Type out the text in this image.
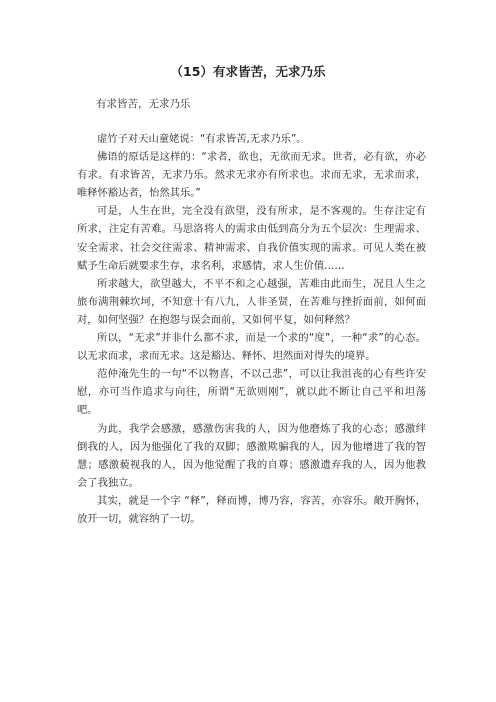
（15）有求皆苦，无求乃乐
有求皆苦，无求乃乐

虚竹子对天山童姥说：“有求皆苦,无求乃乐”。

佛语的原话是这样的：“求者，欲也，无欲而无求。世者，必有欲，亦必有求。有求皆苦，无求乃乐。然求无求亦有所求也。求而无求，无求而求，唯释怀豁达者，怡然其乐。”

可是，人生在世，完全没有欲望，没有所求，是不客观的。生存注定有所求，注定有苦难。马思洛将人的需求由低到高分为五个层次：生理需求、安全需求、社会交往需求、精神需求、自我价值实现的需求。可见人类在被赋予生命后就要求生存，求名利，求感情，求人生价值……

所求越大，欲望越大，不平不和之心越强，苦难由此而生，况且人生之旅布满荆棘坎坷，不知意十有八九，人非圣贤，在苦难与挫折面前，如何面对，如何坚强？在抱怨与误会面前，又如何平复，如何释然？

所以，“无求”并非什么都不求，而是一个求的“度”，一种“求”的心态。以无求而求，求而无求。这是豁达、释怀、坦然面对得失的境界。

范仲淹先生的一句“不以物喜，不以己悲”，可以让我沮丧的心有些许安慰，亦可当作追求与向往，所谓“无欲则刚”，就以此不断让自己平和坦荡吧。

为此，我学会感激，感激伤害我的人，因为他磨炼了我的心态；感激绊倒我的人，因为他强化了我的双脚；感激欺骗我的人，因为他增进了我的智慧；感激藐视我的人，因为他觉醒了我的自尊；感激遗弃我的人，因为他教会了我独立。

其实，就是一个字 “释”，释而博，博乃容，容苦，亦容乐。敞开胸怀，放开一切，就容纳了一切。
